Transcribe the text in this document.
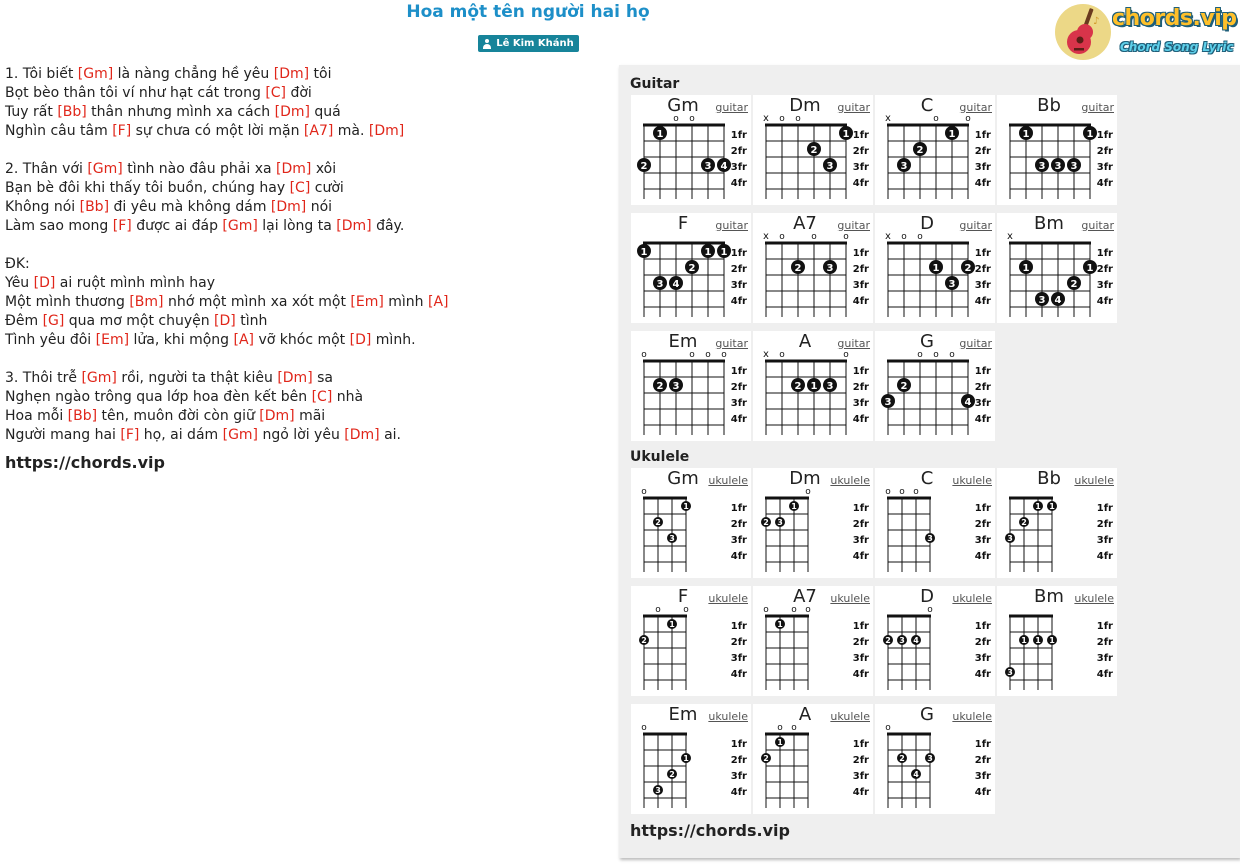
Hoa một tên người hai họ
Lê Kim Khánh
♪ chords.vip
Chord Song Lyric
1. Tôi biết [Gm] là nàng chẳng hề yêu [Dm] tôi
Bọt bèo thân tôi ví như hạt cát trong [C] đời
Tuy rất [Bb] thân nhưng mình xa cách [Dm] quá
Nghìn câu tâm [F] sự chưa có một lời mặn [A7] mà. [Dm]
2. Thân với [Gm] tình nào đâu phải xa [Dm] xôi
Bạn bè đôi khi thấy tôi buồn, chúng hay [C] cười
Không nói [Bb] đi yêu mà không dám [Dm] nói
Làm sao mong [F] được ai đáp [Gm] lại lòng ta [Dm] đây.
ĐK:
Yêu [D] ai ruột mình mình hay
Một mình thương [Bm] nhớ một mình xa xót một [Em] mình [A]
Đêm [G] qua mơ một chuyện [D] tình
Tình yêu đôi [Em] lửa, khi mộng [A] vỡ khóc một [D] mình.
3. Thôi trễ [Gm] rồi, người ta thật kiêu [Dm] sa
Nghẹn ngào trông qua lớp hoa đèn kết bên [C] nhà
Hoa mỗi [Bb] tên, muôn đời còn giữ [Dm] mãi
Người mang hai [F] họ, ai dám [Gm] ngỏ lời yêu [Dm] ai.
https://chords.vip
Guitar
Gm	guitar
1fr
2fr
3fr
4fr
o o
1
2	3 4
Dm	guitar
1fr
2fr
3fr
4fr
x o o
1
2
3
C	guitar
1fr
2fr
3fr
4fr
x	o	o
1
2
3
Bb	guitar
1fr
2fr
3fr
4fr
1	1
3 3 3
F	guitar
1fr
2fr
3fr
4fr
1	1 1
2
3 4
A7	guitar
1fr
2fr
3fr
4fr
x o	o	o
2	3
D	guitar
1fr
2fr
3fr
4fr
x o o
1	2
3
Bm	guitar
1fr
2fr
3fr
4fr
x
1	1
2
3 4
Em	guitar
1fr
2fr
3fr
4fr
o	o o o
2 3
A	guitar
1fr
2fr
3fr
4fr
x o	o
2 1 3
G	guitar
1fr
2fr
3fr
4fr
o o o
2
3	4
Ukulele
Gm ukulele
1fr
2fr
3fr
4fr
o
1
2
3
Dm ukulele
1fr
2fr
3fr
4fr
o
1
2 3
C	ukulele
1fr
2fr
3fr
4fr
o o o
3
Bb	ukulele
1fr
2fr
3fr
4fr
1 1
2
3
F	ukulele
1fr
2fr
3fr
4fr
o o
1
2
A7	ukulele
1fr
2fr
3fr
4fr
o o o
1
D	ukulele
1fr
2fr
3fr
4fr
o
2 3 4
Bm ukulele
1fr
2fr
3fr
4fr
1 1 1
3
Em ukulele
1fr
2fr
3fr
4fr
o
1
2
3
A	ukulele
1fr
2fr
3fr
4fr
o o
1
2
G	ukulele
1fr
2fr
3fr
4fr
o
2	3
4
https://chords.vip
